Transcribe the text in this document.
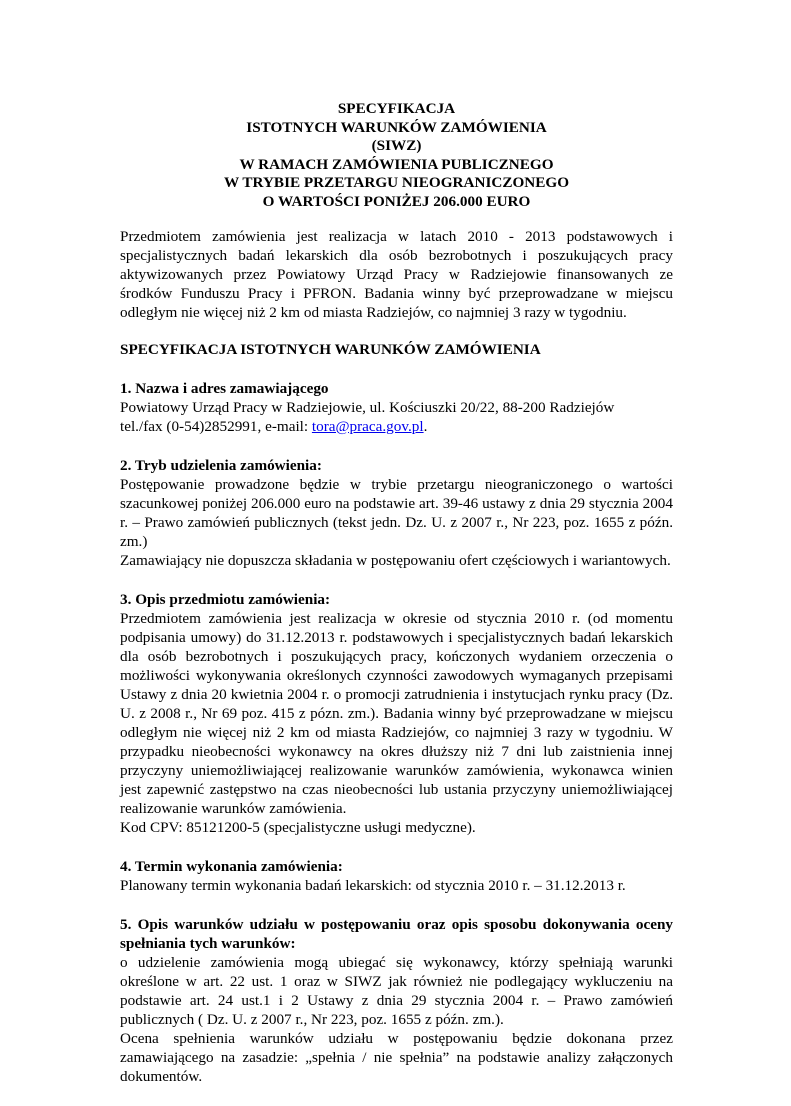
SPECYFIKACJA
ISTOTNYCH WARUNKÓW ZAMÓWIENIA
(SIWZ)
W RAMACH ZAMÓWIENIA PUBLICZNEGO
W TRYBIE PRZETARGU NIEOGRANICZONEGO
O WARTOŚCI PONIŻEJ 206.000 EURO

Przedmiotem zamówienia jest realizacja w latach 2010 - 2013 podstawowych i specjalistycznych badań lekarskich dla osób bezrobotnych i poszukujących pracy aktywizowanych przez Powiatowy Urząd Pracy w Radziejowie finansowanych ze środków Funduszu Pracy i PFRON. Badania winny być przeprowadzane w miejscu odległym nie więcej niż 2 km od miasta Radziejów, co najmniej 3 razy w tygodniu.

SPECYFIKACJA ISTOTNYCH WARUNKÓW ZAMÓWIENIA
1. Nazwa i adres zamawiającego

Powiatowy Urząd Pracy w Radziejowie, ul. Kościuszki 20/22, 88-200 Radziejów

tel./fax (0-54)2852991, e-mail: tora@praca.gov.pl.

2. Tryb udzielenia zamówienia:

Postępowanie prowadzone będzie w trybie przetargu nieograniczonego o wartości szacunkowej poniżej 206.000 euro na podstawie art. 39-46 ustawy z dnia 29 stycznia 2004 r. – Prawo zamówień publicznych (tekst jedn. Dz. U. z 2007 r., Nr 223, poz. 1655 z późn. zm.)

Zamawiający nie dopuszcza składania w postępowaniu ofert częściowych i wariantowych.

3. Opis przedmiotu zamówienia:

Przedmiotem zamówienia jest realizacja w okresie od stycznia 2010 r. (od momentu podpisania umowy) do 31.12.2013 r. podstawowych i specjalistycznych badań lekarskich dla osób bezrobotnych i poszukujących pracy, kończonych wydaniem orzeczenia o możliwości wykonywania określonych czynności zawodowych wymaganych przepisami Ustawy z dnia 20 kwietnia 2004 r. o promocji zatrudnienia i instytucjach rynku pracy (Dz. U. z 2008 r., Nr 69 poz. 415 z pózn. zm.). Badania winny być przeprowadzane w miejscu odległym nie więcej niż 2 km od miasta Radziejów, co najmniej 3 razy w tygodniu. W przypadku nieobecności wykonawcy na okres dłuższy niż 7 dni lub zaistnienia innej przyczyny uniemożliwiającej realizowanie warunków zamówienia, wykonawca winien jest zapewnić zastępstwo na czas nieobecności lub ustania przyczyny uniemożliwiającej realizowanie warunków zamówienia.

Kod CPV: 85121200-5 (specjalistyczne usługi medyczne).

4. Termin wykonania zamówienia:

Planowany termin wykonania badań lekarskich: od stycznia 2010 r. – 31.12.2013 r.

5. Opis warunków udziału w postępowaniu oraz opis sposobu dokonywania oceny spełniania tych warunków:

o udzielenie zamówienia mogą ubiegać się wykonawcy, którzy spełniają warunki określone w art. 22 ust. 1 oraz w SIWZ jak również nie podlegający wykluczeniu na podstawie art. 24 ust.1 i 2 Ustawy z dnia 29 stycznia 2004 r. – Prawo zamówień publicznych ( Dz. U. z 2007 r., Nr 223, poz. 1655 z późn. zm.).

Ocena spełnienia warunków udziału w postępowaniu będzie dokonana przez zamawiającego na zasadzie: „spełnia / nie spełnia” na podstawie analizy załączonych dokumentów.
